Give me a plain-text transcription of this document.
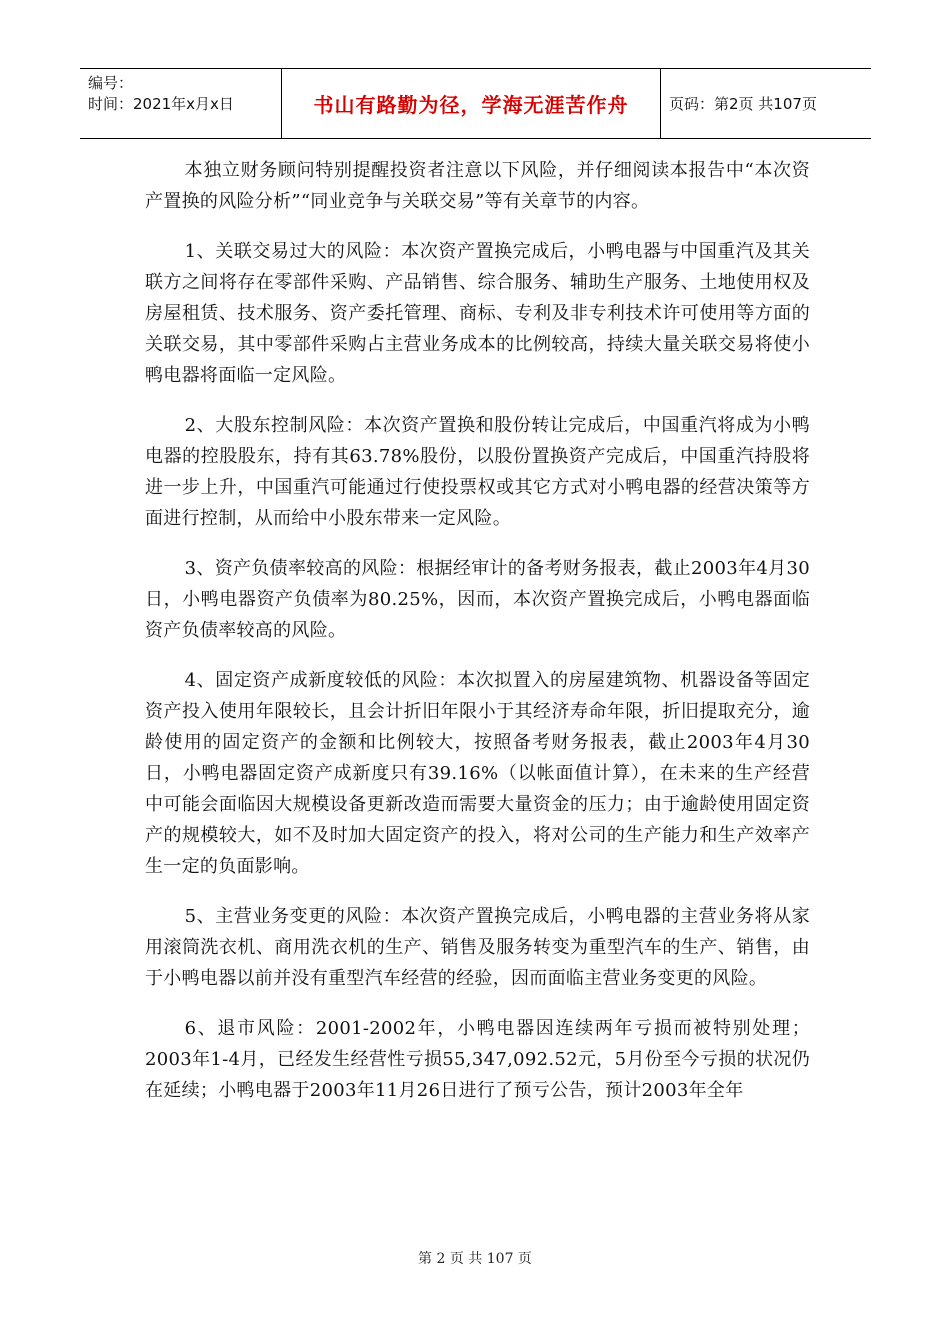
编号：
时间：2021年x月x日	书山有路勤为径，学海无涯苦作舟	页码：第2页 共107页

本独立财务顾问特别提醒投资者注意以下风险，并仔细阅读本报告中“本次资产置换的风险分析”“同业竞争与关联交易”等有关章节的内容。

1、关联交易过大的风险：本次资产置换完成后，小鸭电器与中国重汽及其关联方之间将存在零部件采购、产品销售、综合服务、辅助生产服务、土地使用权及房屋租赁、技术服务、资产委托管理、商标、专利及非专利技术许可使用等方面的关联交易，其中零部件采购占主营业务成本的比例较高，持续大量关联交易将使小鸭电器将面临一定风险。

2、大股东控制风险：本次资产置换和股份转让完成后，中国重汽将成为小鸭电器的控股股东，持有其63.78%股份，以股份置换资产完成后，中国重汽持股将进一步上升，中国重汽可能通过行使投票权或其它方式对小鸭电器的经营决策等方面进行控制，从而给中小股东带来一定风险。

3、资产负债率较高的风险：根据经审计的备考财务报表，截止2003年4月30日，小鸭电器资产负债率为80.25%，因而，本次资产置换完成后，小鸭电器面临资产负债率较高的风险。

4、固定资产成新度较低的风险：本次拟置入的房屋建筑物、机器设备等固定资产投入使用年限较长，且会计折旧年限小于其经济寿命年限，折旧提取充分，逾龄使用的固定资产的金额和比例较大，按照备考财务报表，截止2003年4月30日，小鸭电器固定资产成新度只有39.16%（以帐面值计算），在未来的生产经营中可能会面临因大规模设备更新改造而需要大量资金的压力；由于逾龄使用固定资产的规模较大，如不及时加大固定资产的投入，将对公司的生产能力和生产效率产生一定的负面影响。

5、主营业务变更的风险：本次资产置换完成后，小鸭电器的主营业务将从家用滚筒洗衣机、商用洗衣机的生产、销售及服务转变为重型汽车的生产、销售，由于小鸭电器以前并没有重型汽车经营的经验，因而面临主营业务变更的风险。

6、退市风险：2001-2002年，小鸭电器因连续两年亏损而被特别处理；2003年1-4月，已经发生经营性亏损55,347,092.52元，5月份至今亏损的状况仍在延续；小鸭电器于2003年11月26日进行了预亏公告，预计2003年全年

第 2 页 共 107 页
